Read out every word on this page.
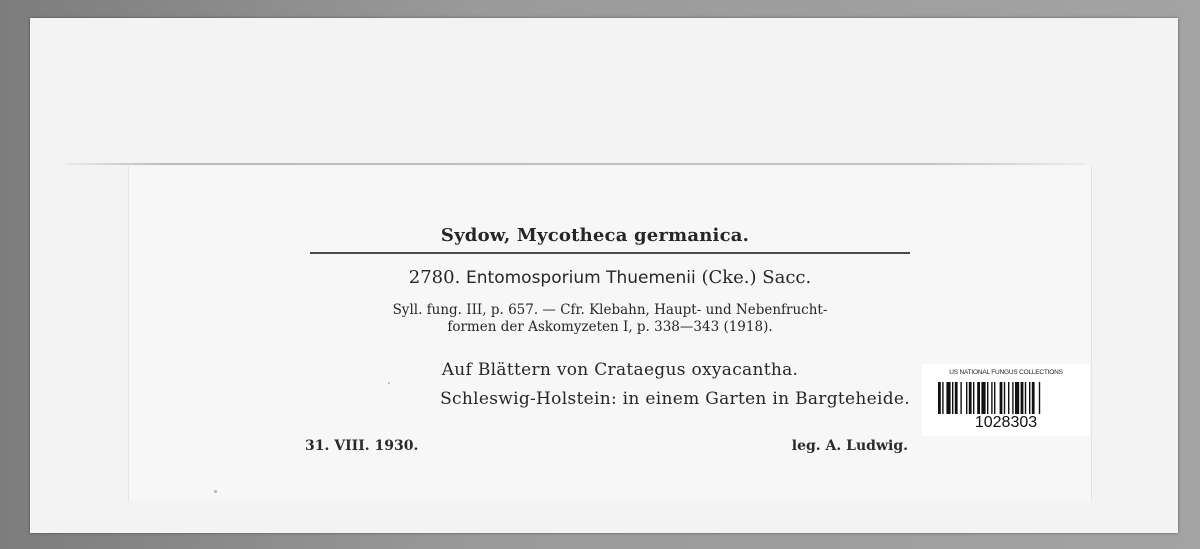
Sydow, Mycotheca germanica.
2780. Entomosporium Thuemenii (Cke.) Sacc.
Syll. fung. III, p. 657. — Cfr. Klebahn, Haupt- und Nebenfrucht-
formen der Askomyzeten I, p. 338—343 (1918).
Auf Blättern von Crataegus oxyacantha.
Schleswig-Holstein: in einem Garten in Bargteheide.
31. VIII. 1930.	leg. A. Ludwig.
US NATIONAL FUNGUS COLLECTIONS
1028303
